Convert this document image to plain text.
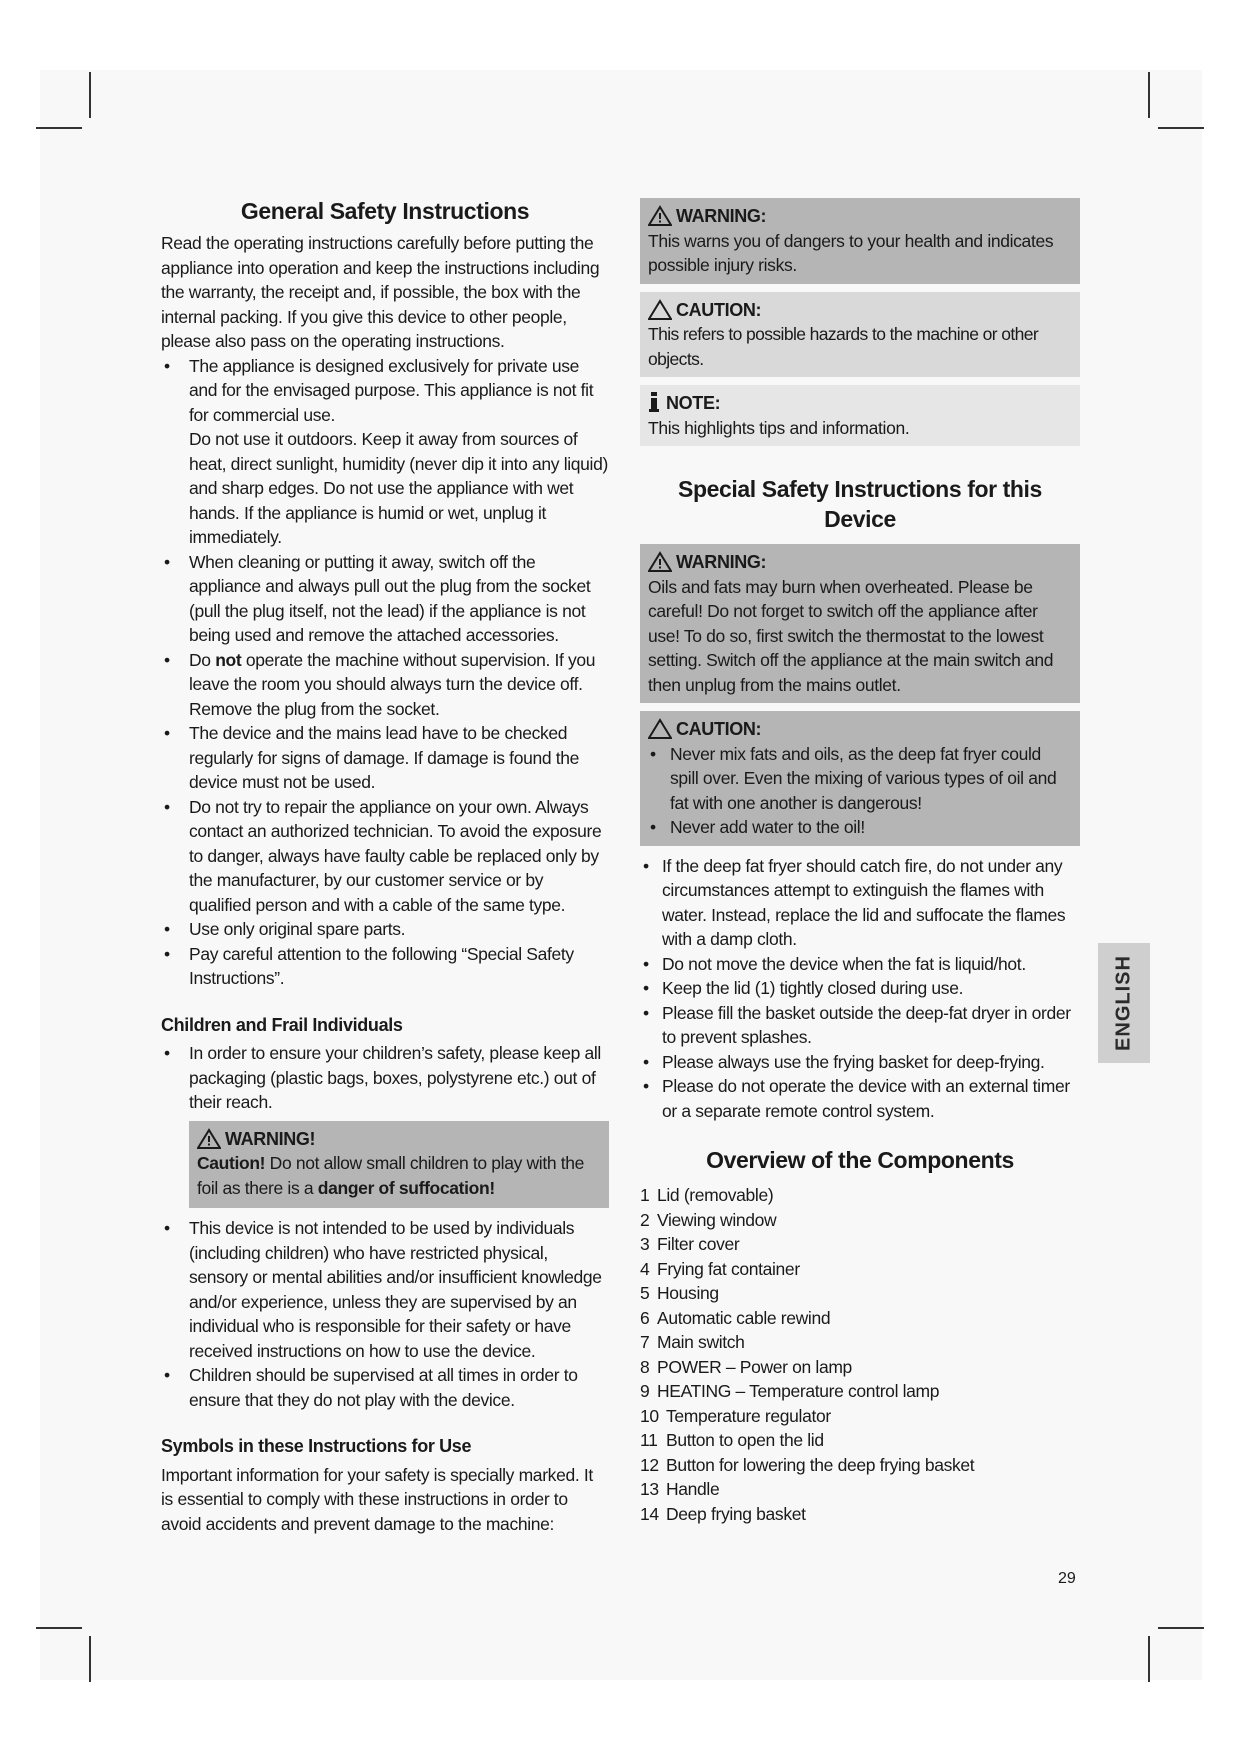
General Safety Instructions

Read the operating instructions carefully before putting the appliance into operation and keep the instructions including the warranty, the receipt and, if possible, the box with the internal packing. If you give this device to other people, please also pass on the operating instructions.

• The appliance is designed exclusively for private use and for the envisaged purpose. This appliance is not fit for commercial use.
Do not use it outdoors. Keep it away from sources of heat, direct sunlight, humidity (never dip it into any liquid) and sharp edges. Do not use the appliance with wet hands. If the appliance is humid or wet, unplug it immediately.
• When cleaning or putting it away, switch off the appliance and always pull out the plug from the socket (pull the plug itself, not the lead) if the appliance is not being used and remove the attached accessories.
• Do not operate the machine without supervision. If you leave the room you should always turn the device off. Remove the plug from the socket.
• The device and the mains lead have to be checked regularly for signs of damage. If damage is found the device must not be used.
• Do not try to repair the appliance on your own. Always contact an authorized technician. To avoid the exposure to danger, always have faulty cable be replaced only by the manufacturer, by our customer service or by qualified person and with a cable of the same type.
• Use only original spare parts.
• Pay careful attention to the following “Special Safety Instructions”.
Children and Frail Individuals
• In order to ensure your children’s safety, please keep all packaging (plastic bags, boxes, polystyrene etc.) out of their reach.
WARNING!

Caution! Do not allow small children to play with the foil as there is a danger of suffocation!

• This device is not intended to be used by individuals (including children) who have restricted physical, sensory or mental abilities and/or insufficient knowledge and/or experience, unless they are supervised by an individual who is responsible for their safety or have received instructions on how to use the device.
• Children should be supervised at all times in order to ensure that they do not play with the device.
Symbols in these Instructions for Use

Important information for your safety is specially marked. It is essential to comply with these instructions in order to avoid accidents and prevent damage to the machine:

WARNING:

This warns you of dangers to your health and indicates possible injury risks.

CAUTION:

This refers to possible hazards to the machine or other objects.

NOTE:

This highlights tips and information.

Special Safety Instructions for this Device
WARNING:

Oils and fats may burn when overheated. Please be careful! Do not forget to switch off the appliance after use! To do so, first switch the thermostat to the lowest setting. Switch off the appliance at the main switch and then unplug from the mains outlet.

CAUTION:
• Never mix fats and oils, as the deep fat fryer could spill over. Even the mixing of various types of oil and fat with one another is dangerous!
• Never add water to the oil!
• If the deep fat fryer should catch fire, do not under any circumstances attempt to extinguish the flames with water. Instead, replace the lid and suffocate the flames with a damp cloth.
• Do not move the device when the fat is liquid/hot.
• Keep the lid (1) tightly closed during use.
• Please fill the basket outside the deep-fat dryer in order to prevent splashes.
• Please always use the frying basket for deep-frying.
• Please do not operate the device with an external timer or a separate remote control system.
Overview of the Components
1 Lid (removable)
2 Viewing window
3 Filter cover
4 Frying fat container
5 Housing
6 Automatic cable rewind
7 Main switch
8 POWER – Power on lamp
9 HEATING – Temperature control lamp
10 Temperature regulator
11 Button to open the lid
12 Button for lowering the deep frying basket
13 Handle
14 Deep frying basket
ENGLISH
29
